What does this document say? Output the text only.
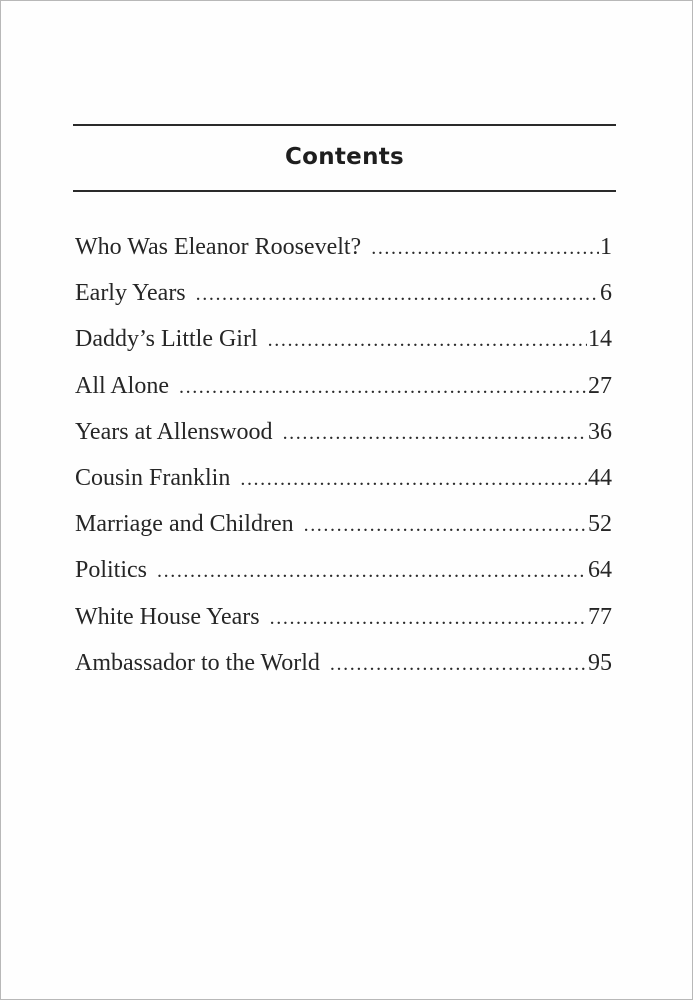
Contents
Who Was Eleanor Roosevelt? .....	1
Early Years .....	6
Daddy’s Little Girl .....	14
All Alone .....	27
Years at Allenswood .....	36
Cousin Franklin .....	44
Marriage and Children .....	52
Politics .....	64
White House Years .....	77
Ambassador to the World .....	95
